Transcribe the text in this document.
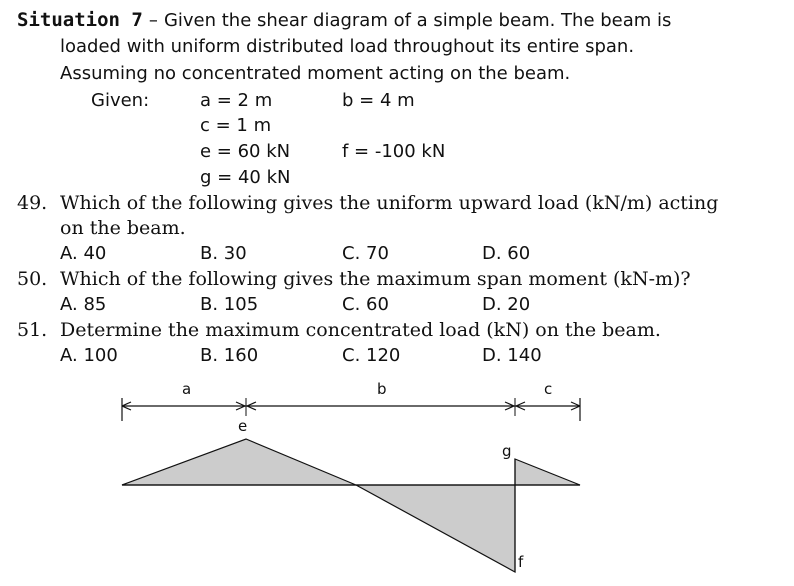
Situation 7 – Given the shear diagram of a simple beam. The beam is
loaded with uniform distributed load throughout its entire span.
Assuming no concentrated moment acting on the beam.
Given:	a = 2 m	b = 4 m
c = 1 m
e = 60 kN	f = -100 kN
g = 40 kN
49. Which of the following gives the uniform upward load (kN/m) acting
on the beam.
A. 40	B. 30	C. 70	D. 60
50. Which of the following gives the maximum span moment (kN-m)?
A. 85	B. 105	C. 60	D. 20
51. Determine the maximum concentrated load (kN) on the beam.
A. 100	B. 160	C. 120	D. 140
a	b	c
e
g
f
